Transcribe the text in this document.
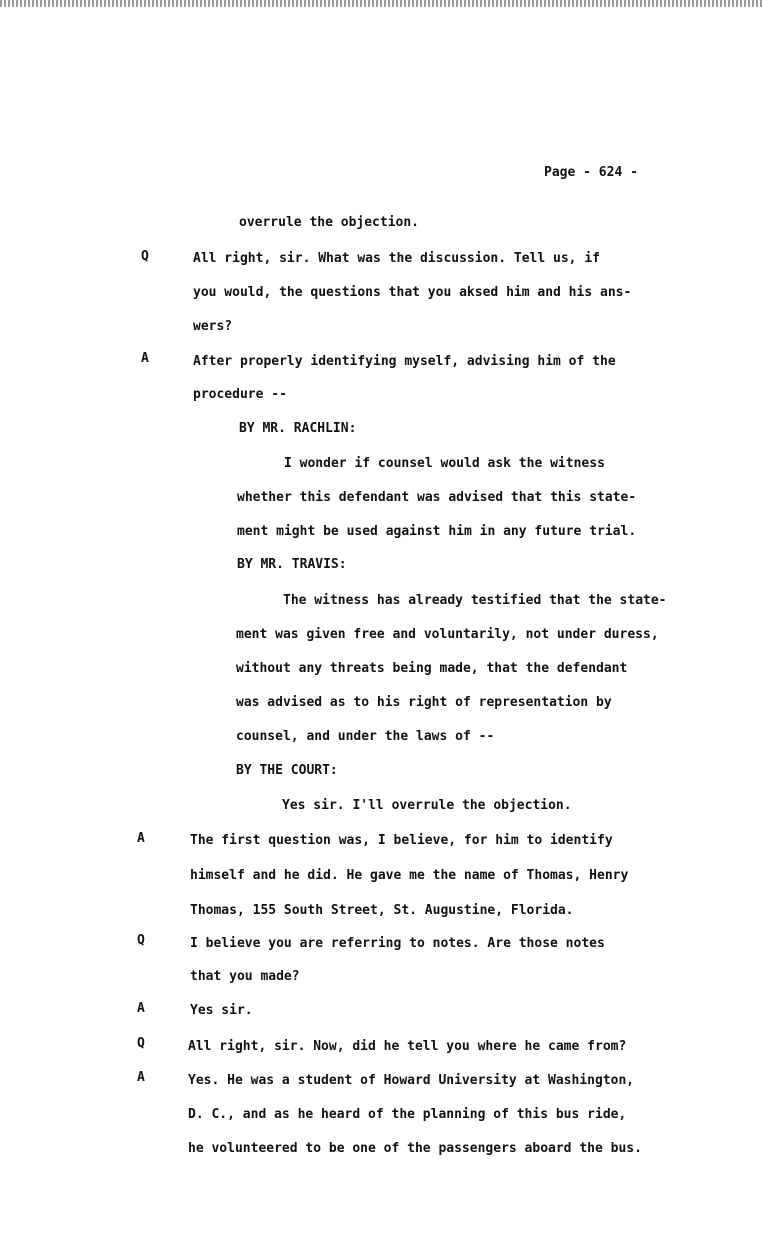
Page - 624 -
overrule the objection.
Q	All right, sir. What was the discussion. Tell us, if
you would, the questions that you aksed him and his ans-
wers?
A	After properly identifying myself, advising him of the
procedure --
BY MR. RACHLIN:
I wonder if counsel would ask the witness
whether this defendant was advised that this state-
ment might be used against him in any future trial.
BY MR. TRAVIS:
The witness has already testified that the state-
ment was given free and voluntarily, not under duress,
without any threats being made, that the defendant
was advised as to his right of representation by
counsel, and under the laws of --
BY THE COURT:
Yes sir. I'll overrule the objection.
A	The first question was, I believe, for him to identify
himself and he did. He gave me the name of Thomas, Henry
Thomas, 155 South Street, St. Augustine, Florida.
Q	I believe you are referring to notes. Are those notes
that you made?
A	Yes sir.
Q	All right, sir. Now, did he tell you where he came from?
A	Yes. He was a student of Howard University at Washington,
D. C., and as he heard of the planning of this bus ride,
he volunteered to be one of the passengers aboard the bus.
